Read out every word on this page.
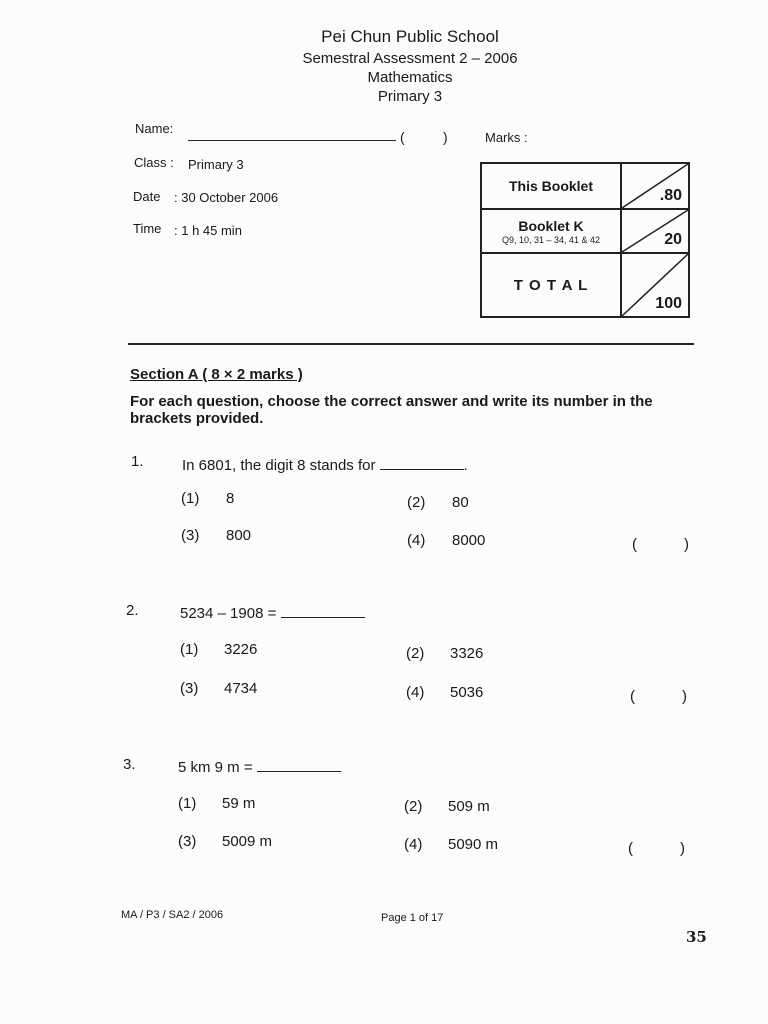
Pei Chun Public School
Semestral Assessment 2 – 2006
Mathematics
Primary 3
Name:
(	)	Marks :
Class : Primary 3
Date : 30 October 2006
Time : 1 h 45 min
This Booklet	.80

Booklet K
Q9, 10, 31 – 34, 41 & 42	20

T O T A L	100
Section A ( 8 × 2 marks )
For each question, choose the correct answer and write its number in the brackets provided.
1.	In 6801, the digit 8 stands for	.
(1) 8	(2) 80
(3) 800	(4) 8000	(	)
2.	5234 – 1908 =
(1) 3226	(2) 3326
(3) 4734	(4) 5036	(	)
3.	5 km 9 m =
(1) 59 m	(2) 509 m
(3) 5009 m	(4) 5090 m	(	)
MA / P3 / SA2 / 2006	Page 1 of 17
35
